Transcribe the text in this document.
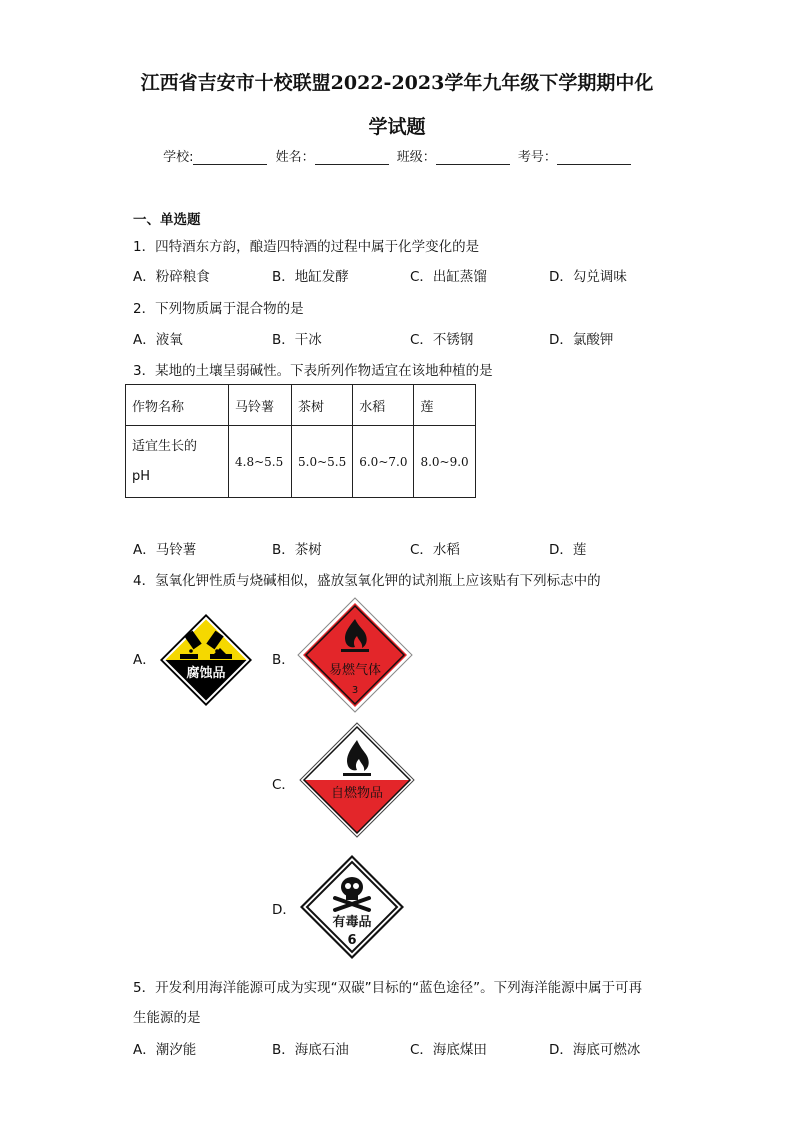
江西省吉安市十校联盟2022-2023学年九年级下学期期中化
学试题
学校:	姓名：	班级：	考号：
一、单选题
1．四特酒东方韵，酿造四特酒的过程中属于化学变化的是
A．粉碎粮食	B．地缸发酵	C．出缸蒸馏	D．勾兑调味
2．下列物质属于混合物的是
A．液氧	B．干冰	C．不锈钢	D．氯酸钾
3．某地的土壤呈弱碱性。下表所列作物适宜在该地种植的是
作物名称	马铃薯	茶树	水稻	莲

适宜生长的
pH	4.8~5.5	5.0~5.5	6.0~7.0	8.0~9.0
A．马铃薯	B．茶树	C．水稻	D．莲
4．氢氧化钾性质与烧碱相似，盛放氢氧化钾的试剂瓶上应该贴有下列标志中的
A．	B．
C．
D．
腐蚀品	易燃气体
3
自燃物品
有毒品
6
5．开发利用海洋能源可成为实现“双碳”目标的“蓝色途径”。下列海洋能源中属于可再
生能源的是
A．潮汐能	B．海底石油	C．海底煤田	D．海底可燃冰
